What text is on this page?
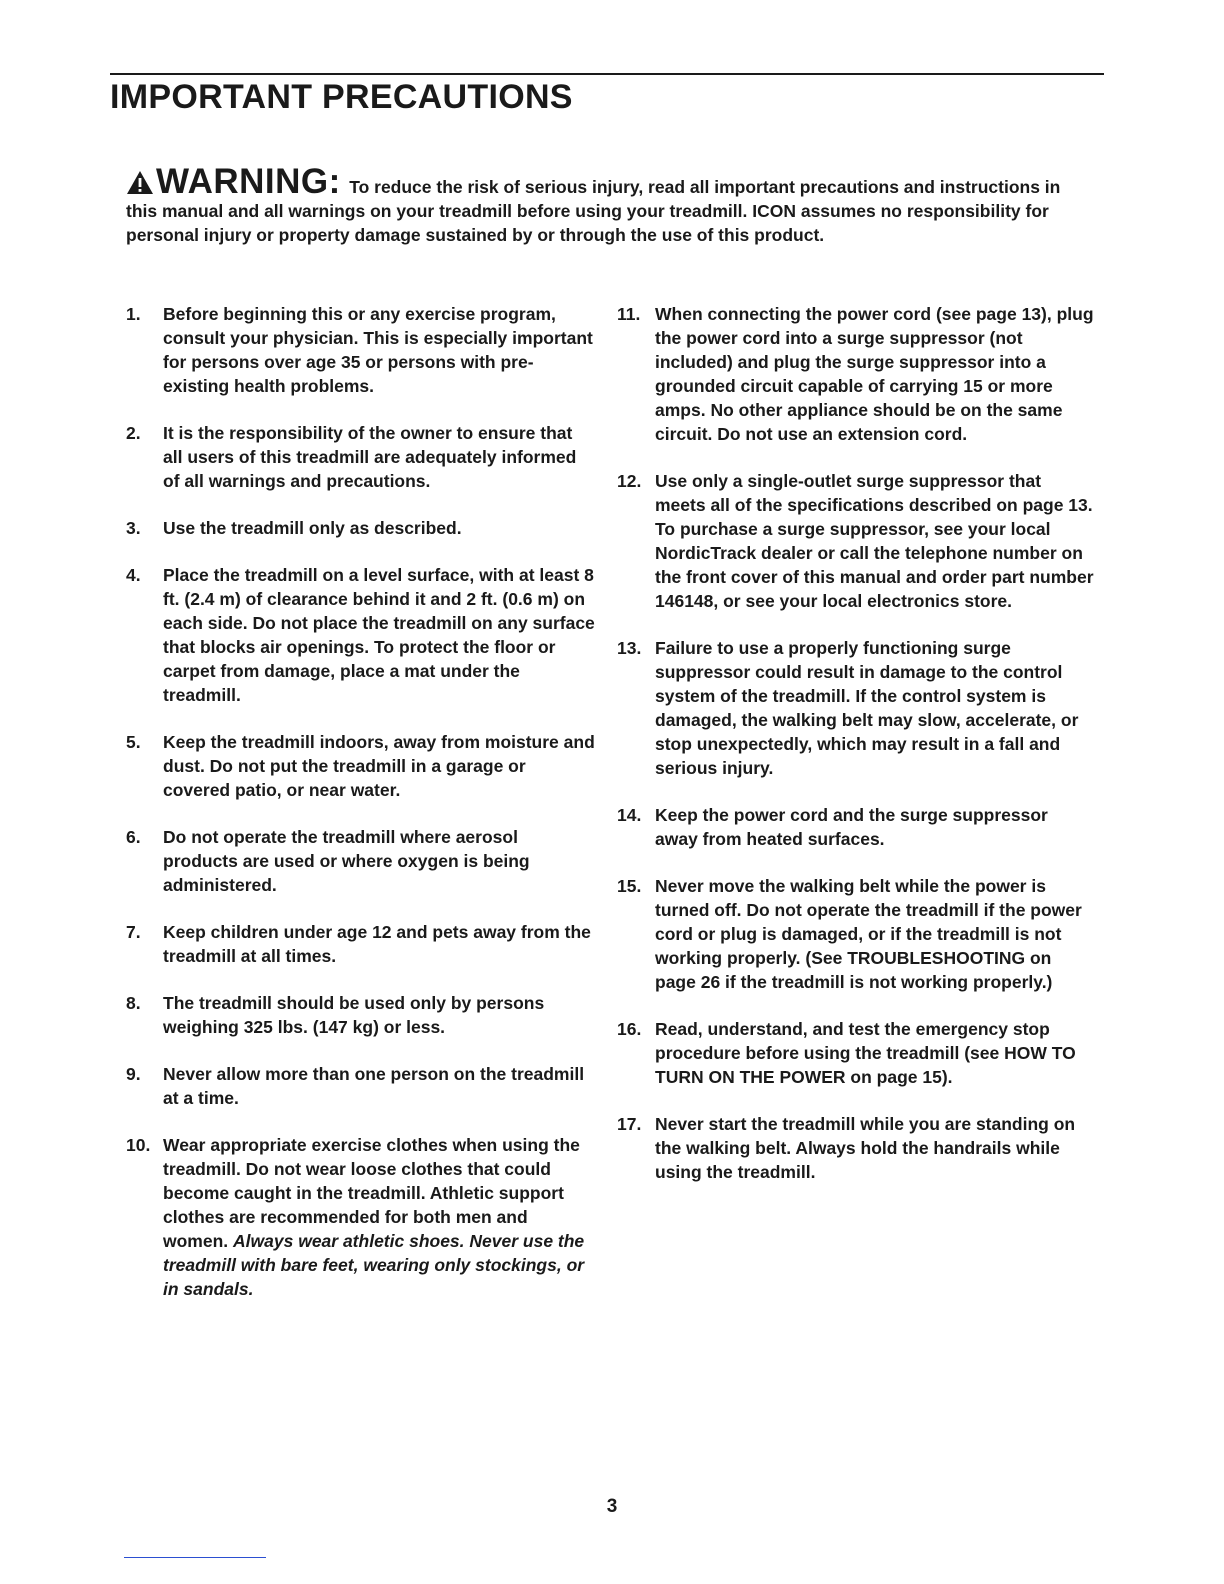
IMPORTANT PRECAUTIONS

WARNING: To reduce the risk of serious injury, read all important precautions and instructions in this manual and all warnings on your treadmill before using your treadmill. ICON assumes no responsibility for personal injury or property damage sustained by or through the use of this product.

1.	Before beginning this or any exercise program, consult your physician. This is especially important for persons over age 35 or persons with pre-existing health problems.
2.	It is the responsibility of the owner to ensure that all users of this treadmill are adequately informed of all warnings and precautions.
3.	Use the treadmill only as described.
4.	Place the treadmill on a level surface, with at least 8 ft. (2.4 m) of clearance behind it and 2 ft. (0.6 m) on each side. Do not place the treadmill on any surface that blocks air openings. To protect the floor or carpet from damage, place a mat under the treadmill.
5.	Keep the treadmill indoors, away from moisture and dust. Do not put the treadmill in a garage or covered patio, or near water.
6.	Do not operate the treadmill where aerosol products are used or where oxygen is being administered.
7.	Keep children under age 12 and pets away from the treadmill at all times.
8.	The treadmill should be used only by persons weighing 325 lbs. (147 kg) or less.
9.	Never allow more than one person on the treadmill at a time.
10. Wear appropriate exercise clothes when using the treadmill. Do not wear loose clothes that could become caught in the treadmill. Athletic support clothes are recommended for both men and women. Always wear athletic shoes. Never use the treadmill with bare feet, wearing only stockings, or in sandals.
11. When connecting the power cord (see page 13), plug the power cord into a surge suppressor (not included) and plug the surge suppressor into a grounded circuit capable of carrying 15 or more amps. No other appliance should be on the same circuit. Do not use an extension cord.
12. Use only a single-outlet surge suppressor that meets all of the specifications described on page 13. To purchase a surge suppressor, see your local NordicTrack dealer or call the telephone number on the front cover of this manual and order part number 146148, or see your local electronics store.
13. Failure to use a properly functioning surge suppressor could result in damage to the control system of the treadmill. If the control system is damaged, the walking belt may slow, accelerate, or stop unexpectedly, which may result in a fall and serious injury.
14. Keep the power cord and the surge suppressor away from heated surfaces.
15. Never move the walking belt while the power is turned off. Do not operate the treadmill if the power cord or plug is damaged, or if the treadmill is not working properly. (See TROUBLESHOOTING on page 26 if the treadmill is not working properly.)
16. Read, understand, and test the emergency stop procedure before using the treadmill (see HOW TO TURN ON THE POWER on page 15).
17. Never start the treadmill while you are standing on the walking belt. Always hold the handrails while using the treadmill.
3
